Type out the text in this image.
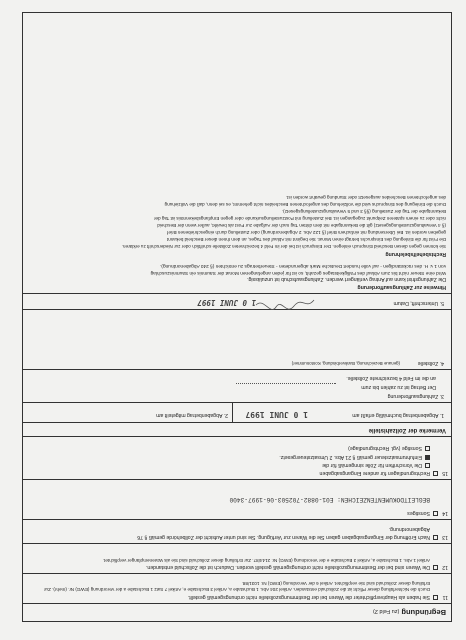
Begründung (zu Feld 2)
11
Sie haben als Hauptverpflichteter die Waren bei der Bestimmungszollstelle nicht ordnungsgemäß gestellt.
Durch die Nichterfüllung dieser Pflicht ist die Zollschuld entstanden. Artikel 204 Abs. 1 Buchstabe a, Artikel 3 Buchstabe e, Artikel 7 Satz 1 Buchstabe a der Verordnung (EWG) Nr. (mehr). Zur Erfüllung dieser Zollschuld sind Sie verpflichtet. Artikel 6 der Verordnung (EWG) Nr. 1031/88.
12
Die Waren sind bei der Bestimmungszollstelle nicht ordnungsgemäß gestellt worden. Dadurch ist die Zollschuld entstanden.
Artikel 1 Abs. 1 Buchstabe a, Artikel 3 Buchstabe e der Verordnung (EWG) Nr. 2144/87. Zur Erfüllung dieser Zollschuld sind Sie als Warenempfänger verpflichtet.
13
Nach Eröffnung der Eingangsabgaben gaben Sie die Waren zur Verfügung. Sie sind unter Aufsicht der Zollbehörde gemäß § 76
Abgabenordnung.
14
Sonstiges
BEGLEITDOKUMENTENZEICHEN: E01-0882-702503-06-1997-3400
15
Rechtsgrundlagen für andere Eingangsabgaben
Die Vorschriften für Zölle sinngemäß für die
Einfuhrumsatzsteuer gemäß § 21 Abs. 2 Umsatzsteuergesetz.
Sonstige (vgl. Rechtsgrundlage)
Vermerke der Zollzahlstelle
1. Abgabenbetrag buchmäßig erfaßt am
1 0 JUNI 1997
2. Abgabenbetrag mitgeteilt am
3. Zahlungsaufforderung
Der Betrag ist zu zahlen bis zum
an die im Feld 4 bezeichnete Zollstelle.
4. Zollstelle
(genaue Bezeichnung, Bankverbindung, Kontonummer)
5. Unterschrift, Datum
1 0 JUNI 1997
Hinweise zur Zahlungsaufforderung
Die Zahlungsfrist kann auf Antrag verlängert werden. Zahlungsaufschub ist unzulässig.
Wird eine Steuer nicht bis zum Ablauf des Fälligkeitstages gezahlt, so ist für jeden angefangenen Monat der Säumnis ein Säumniszuschlag
von 1 v. H. des rückständigen - auf volle hundert Deutsche Mark abgerundeten - Steuerbetrags zu entrichten (§ 240 Abgabenordnung).
Rechtsbehelfsbelehrung
Sie können gegen diesen Bescheid Einspruch einlegen. Der Einspruch ist bei der im Feld 4 bezeichneten Zollstelle schriftlich oder zur Niederschrift zu erklären.
Die Frist für die Einlegung des Einspruchs beträgt einen Monat. Sie beginnt mit Ablauf des Tages, an dem Ihnen dieser Bescheid bekannt
gegeben worden ist. Bei Übersendung mit einfachem Brief (§ 122 Abs. 2 Abgabenordnung) oder Zustellung durch eingeschriebenen Brief
(§ 4 Verwaltungszustellungsgesetz) gilt die Bekanntgabe mit dem dritten Tag nach der Aufgabe zur Post als bewirkt, außer wenn der Bescheid
nicht oder zu einem späteren Zeitpunkt zugegangen ist. Bei Zustellung mit Postzustellungsurkunde oder gegen Empfangsbekenntnis ist Tag der
Bekanntgabe der Tag der Zustellung (§§ 3 und 5 Verwaltungszustellungsgesetz).
Durch die Einlegung des Einspruchs wird die Vollziehung des angefochtenen Bescheides nicht gehemmt, es sei denn, daß die Vollziehung
des angefochtenen Bescheides ausgesetzt oder Stundung gewährt worden ist.
